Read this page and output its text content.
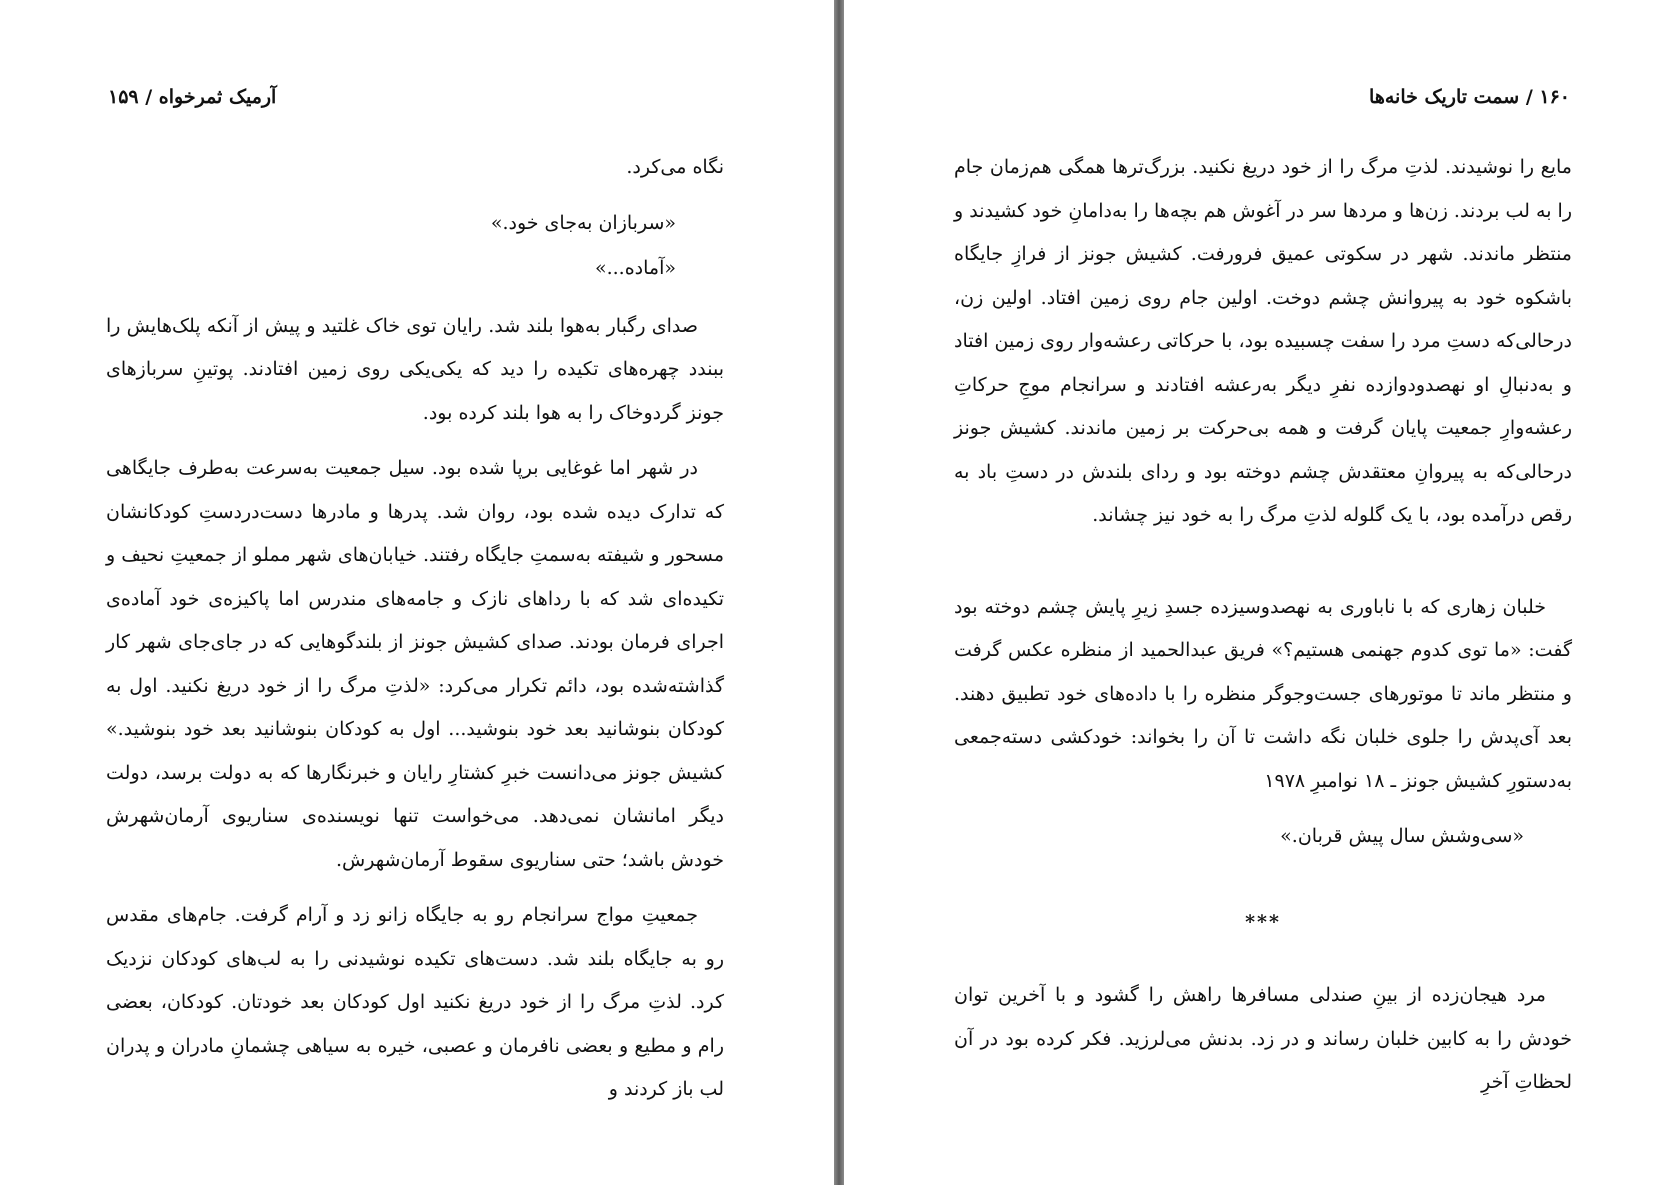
آرمیک ثمرخواه / ۱۵۹

نگاه می‌کرد.

«سربازان به‌جای خود.»

«آماده...»

صدای رگبار به‌هوا بلند شد. رایان توی خاک غلتید و پیش از آنکه پلک‌هایش را ببندد چهره‌های تکیده را دید که یکی‌یکی روی زمین افتادند. پوتینِ سربازهای جونز گردوخاک را به هوا بلند کرده بود.

در شهر اما غوغایی برپا شده بود. سیل جمعیت به‌سرعت به‌طرف جایگاهی که تدارک دیده شده بود، روان شد. پدرها و مادرها دست‌دردستِ کودکانشان مسحور و شیفته به‌سمتِ جایگاه رفتند. خیابان‌های شهر مملو از جمعیتِ نحیف و تکیده‌ای شد که با رداهای نازک و جامه‌های مندرس اما پاکیزه‌ی خود آماده‌ی اجرای فرمان بودند. صدای کشیش جونز از بلندگوهایی که در جای‌جای شهر کار گذاشته‌شده بود، دائم تکرار می‌کرد: «لذتِ مرگ را از خود دریغ نکنید. اول به کودکان بنوشانید بعد خود بنوشید... اول به کودکان بنوشانید بعد خود بنوشید.» کشیش جونز می‌دانست خبرِ کشتارِ رایان و خبرنگارها که به دولت برسد، دولت دیگر امانشان نمی‌دهد. می‌خواست تنها نویسنده‌ی سناریوی آرمان‌شهرش خودش باشد؛ حتی سناریوی سقوط آرمان‌شهرش.

جمعیتِ مواج سرانجام رو به جایگاه زانو زد و آرام گرفت. جام‌های مقدس رو به جایگاه بلند شد. دست‌های تکیده نوشیدنی را به لب‌های کودکان نزدیک کرد. لذتِ مرگ را از خود دریغ نکنید اول کودکان بعد خودتان. کودکان، بعضی رام و مطیع و بعضی نافرمان و عصبی، خیره به سیاهی چشمانِ مادران و پدران لب باز کردند و

۱۶۰ / سمت تاریک خانه‌ها

مایع را نوشیدند. لذتِ مرگ را از خود دریغ نکنید. بزرگ‌ترها همگی هم‌زمان جام را به لب بردند. زن‌ها و مردها سر در آغوش هم بچه‌ها را به‌دامانِ خود کشیدند و منتظر ماندند. شهر در سکوتی عمیق فرورفت. کشیش جونز از فرازِ جایگاه باشکوه خود به پیروانش چشم دوخت. اولین جام روی زمین افتاد. اولین زن، درحالی‌که دستِ مرد را سفت چسبیده بود، با حرکاتی رعشه‌وار روی زمین افتاد و به‌دنبالِ او نهصدودوازده نفرِ دیگر به‌رعشه افتادند و سرانجام موجِ حرکاتِ رعشه‌وارِ جمعیت پایان گرفت و همه بی‌حرکت بر زمین ماندند. کشیش جونز درحالی‌که به پیروانِ معتقدش چشم دوخته بود و ردای بلندش در دستِ باد به رقص درآمده بود، با یک گلوله لذتِ مرگ را به خود نیز چشاند.

خلبان زهاری که با ناباوری به نهصدوسیزده جسدِ زیرِ پایش چشم دوخته بود گفت: «ما توی کدوم جهنمی هستیم؟» فریق عبدالحمید از منظره عکس گرفت و منتظر ماند تا موتورهای جست‌وجوگر منظره را با داده‌های خود تطبیق دهند. بعد آی‌پدش را جلوی خلبان نگه داشت تا آن را بخواند: خودکشی دسته‌جمعی به‌دستورِ کشیش جونز ـ ۱۸ نوامبرِ ۱۹۷۸

«سی‌وشش سال پیش قربان.»

***

مرد هیجان‌زده از بینِ صندلی مسافرها راهش را گشود و با آخرین توان خودش را به کابین خلبان رساند و در زد. بدنش می‌لرزید. فکر کرده بود در آن لحظاتِ آخرِ
